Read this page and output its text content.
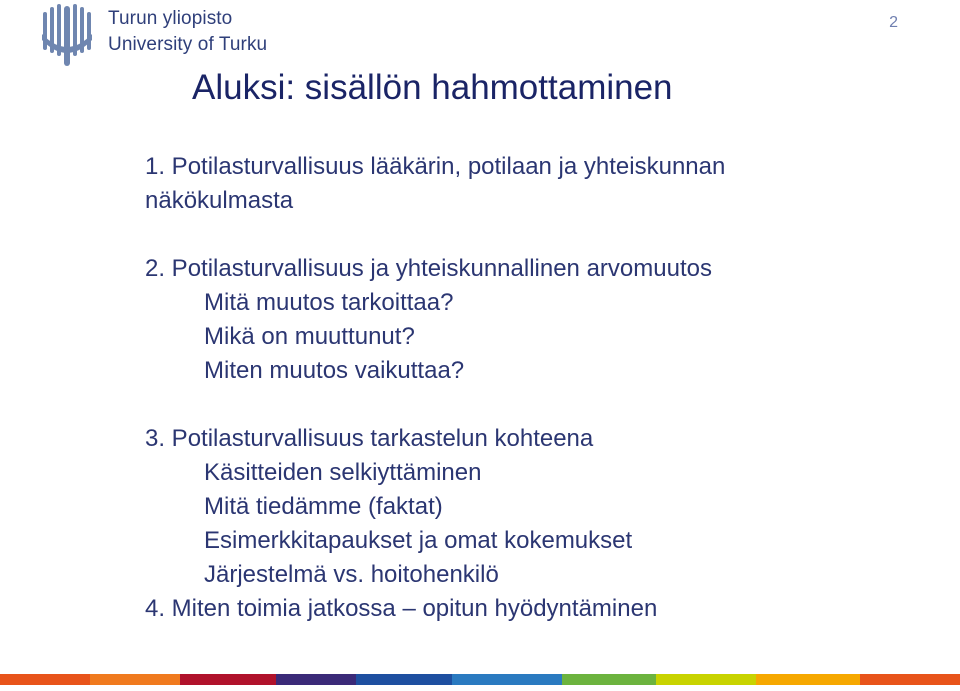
Turun yliopisto
University of Turku
2
Aluksi: sisällön hahmottaminen

1. Potilasturvallisuus lääkärin, potilaan ja yhteiskunnan

näkökulmasta

2. Potilasturvallisuus ja yhteiskunnallinen arvomuutos

Mitä muutos tarkoittaa?

Mikä on muuttunut?

Miten muutos vaikuttaa?

3. Potilasturvallisuus tarkastelun kohteena

Käsitteiden selkiyttäminen

Mitä tiedämme (faktat)

Esimerkkitapaukset ja omat kokemukset

Järjestelmä vs. hoitohenkilö

4. Miten toimia jatkossa – opitun hyödyntäminen
